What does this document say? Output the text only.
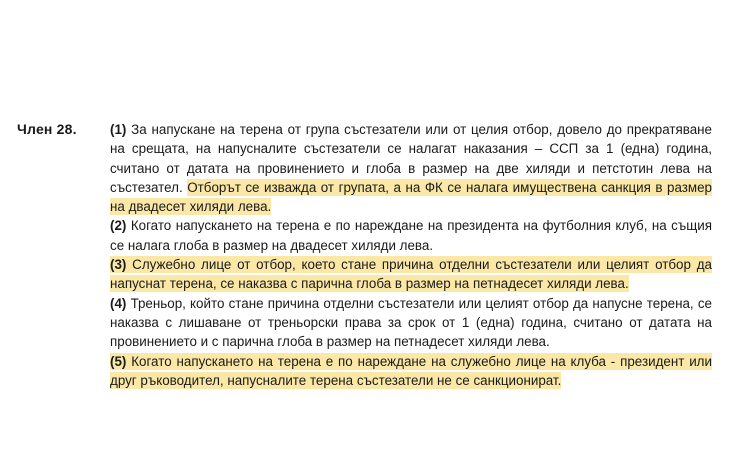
Член 28. (1) За напускане на терена от група състезатели или от целия отбор, довело до прекратяване на срещата, на напусналите състезатели се налагат наказания – ССП за 1 (една) година, считано от датата на провинението и глоба в размер на две хиляди и петстотин лева на състезател. Отборът се изважда от групата, а на ФК се налага имуществена санкция в размер на двадесет хиляди лева.

(2) Когато напускането на терена е по нареждане на президента на футболния клуб, на същия се налага глоба в размер на двадесет хиляди лева.

(3) Служебно лице от отбор, което стане причина отделни състезатели или целият отбор да напуснат терена, се наказва с парична глоба в размер на петнадесет хиляди лева.

(4) Треньор, който стане причина отделни състезатели или целият отбор да напусне терена, се наказва с лишаване от треньорски права за срок от 1 (една) година, считано от датата на провинението и с парична глоба в размер на петнадесет хиляди лева.

(5) Когато напускането на терена е по нареждане на служебно лице на клуба - президент или друг ръководител, напусналите терена състезатели не се санкционират.
